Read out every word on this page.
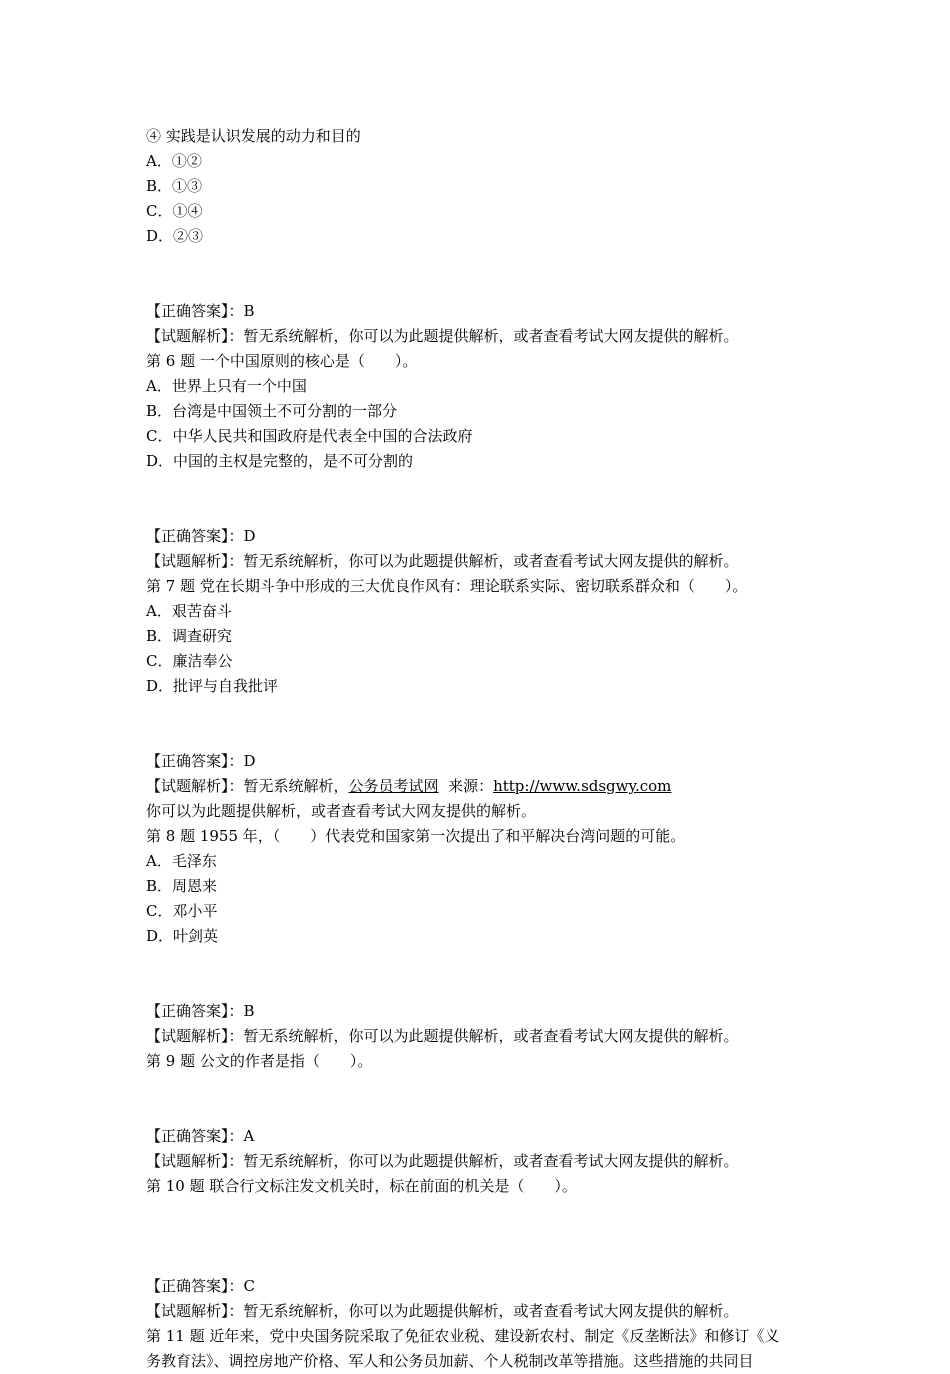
④ 实践是认识发展的动力和目的
A．①②
B．①③
C．①④
D．②③
【正确答案】：B
【试题解析】：暂无系统解析，你可以为此题提供解析，或者查看考试大网友提供的解析。
第 6 题 一个中国原则的核心是（　　）。
A．世界上只有一个中国
B．台湾是中国领土不可分割的一部分
C．中华人民共和国政府是代表全中国的合法政府
D．中国的主权是完整的，是不可分割的
【正确答案】：D
【试题解析】：暂无系统解析，你可以为此题提供解析，或者查看考试大网友提供的解析。
第 7 题 党在长期斗争中形成的三大优良作风有：理论联系实际、密切联系群众和（　　）。
A．艰苦奋斗
B．调查研究
C．廉洁奉公
D．批评与自我批评
【正确答案】：D
【试题解析】：暂无系统解析，公务员考试网  来源：http://www.sdsgwy.com
你可以为此题提供解析，或者查看考试大网友提供的解析。
第 8 题 1955 年，（　　）代表党和国家第一次提出了和平解决台湾问题的可能。
A．毛泽东
B．周恩来
C．邓小平
D．叶剑英
【正确答案】：B
【试题解析】：暂无系统解析，你可以为此题提供解析，或者查看考试大网友提供的解析。
第 9 题 公文的作者是指（　　）。
【正确答案】：A
【试题解析】：暂无系统解析，你可以为此题提供解析，或者查看考试大网友提供的解析。
第 10 题 联合行文标注发文机关时，标在前面的机关是（　　）。
【正确答案】：C
【试题解析】：暂无系统解析，你可以为此题提供解析，或者查看考试大网友提供的解析。
第 11 题 近年来，党中央国务院采取了免征农业税、建设新农村、制定《反垄断法》和修订《义
务教育法》、调控房地产价格、军人和公务员加薪、个人税制改革等措施。这些措施的共同目
